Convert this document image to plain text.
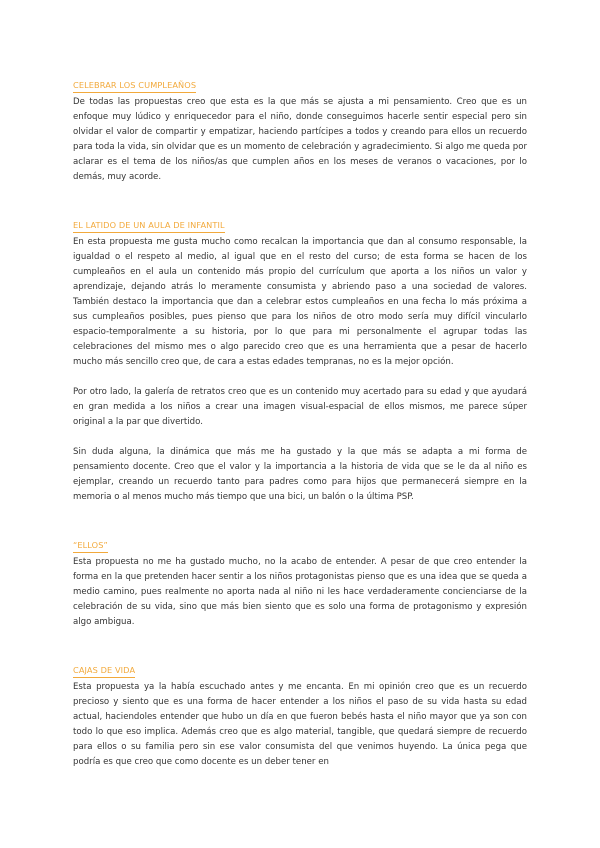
CELEBRAR LOS CUMPLEAÑOS

De todas las propuestas creo que esta es la que más se ajusta a mi pensamiento. Creo que es un enfoque muy lúdico y enriquecedor para el niño, donde conseguimos hacerle sentir especial pero sin olvidar el valor de compartir y empatizar, haciendo partícipes a todos y creando para ellos un recuerdo para toda la vida, sin olvidar que es un momento de celebración y agradecimiento. Si algo me queda por aclarar es el tema de los niños/as que cumplen años en los meses de veranos o vacaciones, por lo demás, muy acorde.

EL LATIDO DE UN AULA DE INFANTIL

En esta propuesta me gusta mucho como recalcan la importancia que dan al consumo responsable, la igualdad o el respeto al medio, al igual que en el resto del curso; de esta forma se hacen de los cumpleaños en el aula un contenido más propio del currículum que aporta a los niños un valor y aprendizaje, dejando atrás lo meramente consumista y abriendo paso a una sociedad de valores. También destaco la importancia que dan a celebrar estos cumpleaños en una fecha lo más próxima a sus cumpleaños posibles, pues pienso que para los niños de otro modo sería muy difícil vincularlo espacio-temporalmente a su historia, por lo que para mi personalmente el agrupar todas las celebraciones del mismo mes o algo parecido creo que es una herramienta que a pesar de hacerlo mucho más sencillo creo que, de cara a estas edades tempranas, no es la mejor opción.

Por otro lado, la galería de retratos creo que es un contenido muy acertado para su edad y que ayudará en gran medida a los niños a crear una imagen visual-espacial de ellos mismos, me parece súper original a la par que divertido.

Sin duda alguna, la dinámica que más me ha gustado y la que más se adapta a mi forma de pensamiento docente. Creo que el valor y la importancia a la historia de vida que se le da al niño es ejemplar, creando un recuerdo tanto para padres como para hijos que permanecerá siempre en la memoria o al menos mucho más tiempo que una bici, un balón o la última PSP.

“ELLOS”

Esta propuesta no me ha gustado mucho, no la acabo de entender. A pesar de que creo entender la forma en la que pretenden hacer sentir a los niños protagonistas pienso que es una idea que se queda a medio camino, pues realmente no aporta nada al niño ni les hace verdaderamente concienciarse de la celebración de su vida, sino que más bien siento que es solo una forma de protagonismo y expresión algo ambigua.

CAJAS DE VIDA

Esta propuesta ya la había escuchado antes y me encanta. En mi opinión creo que es un recuerdo precioso y siento que es una forma de hacer entender a los niños el paso de su vida hasta su edad actual, haciendoles entender que hubo un día en que fueron bebés hasta el niño mayor que ya son con todo lo que eso implica. Además creo que es algo material, tangible, que quedará siempre de recuerdo para ellos o su familia pero sin ese valor consumista del que venimos huyendo. La única pega que podría es que creo que como docente es un deber tener en
